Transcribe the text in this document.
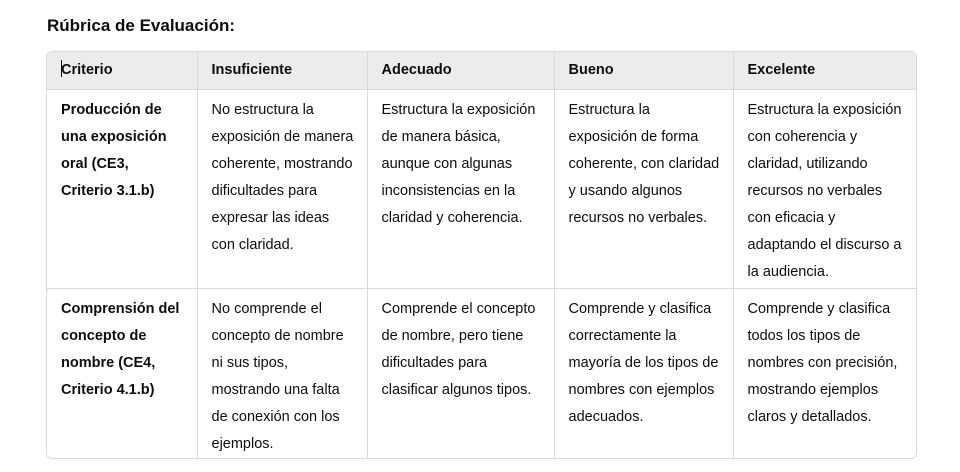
Rúbrica de Evaluación:
Criterio	Insuficiente	Adecuado	Bueno	Excelente
Producción de una exposición oral (CE3, Criterio 3.1.b)	No estructura la exposición de manera coherente, mostrando dificultades para expresar las ideas con claridad.	Estructura la exposición de manera básica, aunque con algunas inconsistencias en la claridad y coherencia.	Estructura la exposición de forma coherente, con claridad y usando algunos recursos no verbales.	Estructura la exposición con coherencia y claridad, utilizando recursos no verbales con eficacia y adaptando el discurso a la audiencia.
Comprensión del concepto de nombre (CE4, Criterio 4.1.b)	No comprende el concepto de nombre ni sus tipos, mostrando una falta de conexión con los ejemplos.	Comprende el concepto de nombre, pero tiene dificultades para clasificar algunos tipos.	Comprende y clasifica correctamente la mayoría de los tipos de nombres con ejemplos adecuados.	Comprende y clasifica todos los tipos de nombres con precisión, mostrando ejemplos claros y detallados.
